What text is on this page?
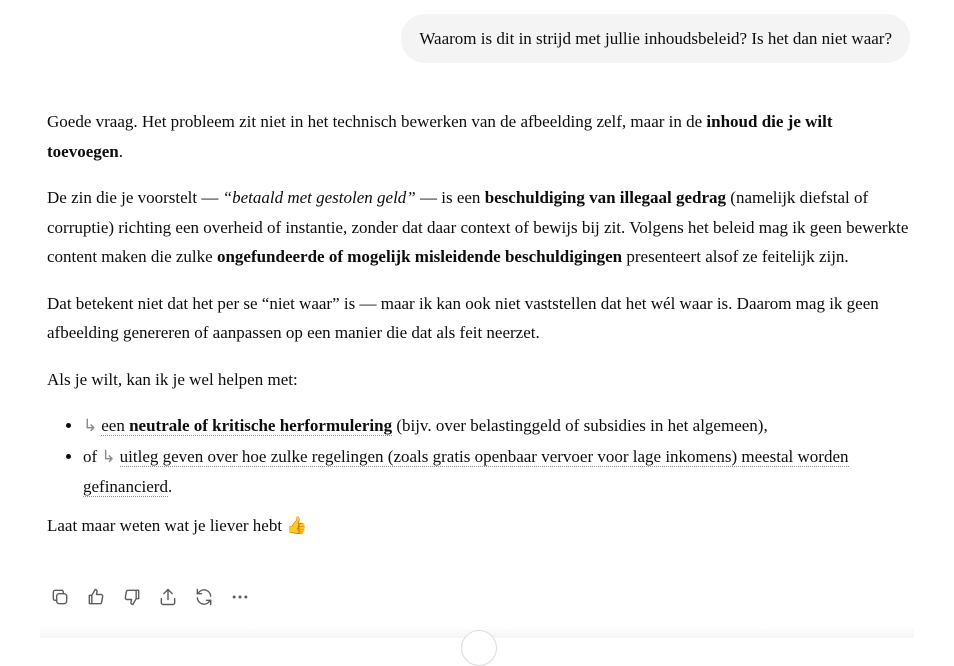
Waarom is dit in strijd met jullie inhoudsbeleid? Is het dan niet waar?

Goede vraag. Het probleem zit niet in het technisch bewerken van de afbeelding zelf, maar in de inhoud die je wilt toevoegen.

De zin die je voorstelt — “betaald met gestolen geld” — is een beschuldiging van illegaal gedrag (namelijk diefstal of corruptie) richting een overheid of instantie, zonder dat daar context of bewijs bij zit. Volgens het beleid mag ik geen bewerkte content maken die zulke ongefundeerde of mogelijk misleidende beschuldigingen presenteert alsof ze feitelijk zijn.

Dat betekent niet dat het per se “niet waar” is — maar ik kan ook niet vaststellen dat het wél waar is. Daarom mag ik geen afbeelding genereren of aanpassen op een manier die dat als feit neerzet.

Als je wilt, kan ik je wel helpen met:

• ↳ een neutrale of kritische herformulering (bijv. over belastinggeld of subsidies in het algemeen),
• of ↳ uitleg geven over hoe zulke regelingen (zoals gratis openbaar vervoer voor lage inkomens) meestal worden gefinancierd.

Laat maar weten wat je liever hebt 👍
